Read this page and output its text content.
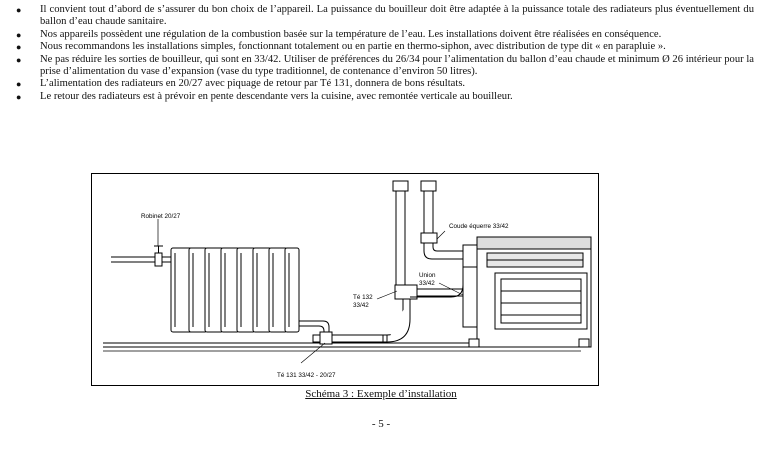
● Il convient tout d’abord de s’assurer du bon choix de l’appareil. La puissance du bouilleur doit être adaptée à la puissance totale des radiateurs plus éventuellement du ballon d’eau chaude sanitaire.
● Nos appareils possèdent une régulation de la combustion basée sur la température de l’eau. Les installations doivent être réalisées en conséquence.
● Nous recommandons les installations simples, fonctionnant totalement ou en partie en thermo-siphon, avec distribution de type dit « en parapluie ».
● Ne pas réduire les sorties de bouilleur, qui sont en 33/42. Utiliser de préférences du 26/34 pour l’alimentation du ballon d’eau chaude et minimum Ø 26 intérieur pour la prise d’alimentation du vase d’expansion (vase du type traditionnel, de contenance d’environ 50 litres).
● L’alimentation des radiateurs en 20/27 avec piquage de retour par Té 131, donnera de bons résultats.
● Le retour des radiateurs est à prévoir en pente descendante vers la cuisine, avec remontée verticale au bouilleur.
Robinet 20/27
Coude équerre 33/42
Union
33/42
Té 132
33/42
Té 131 33/42 - 20/27
Schéma 3 : Exemple d’installation
- 5 -
